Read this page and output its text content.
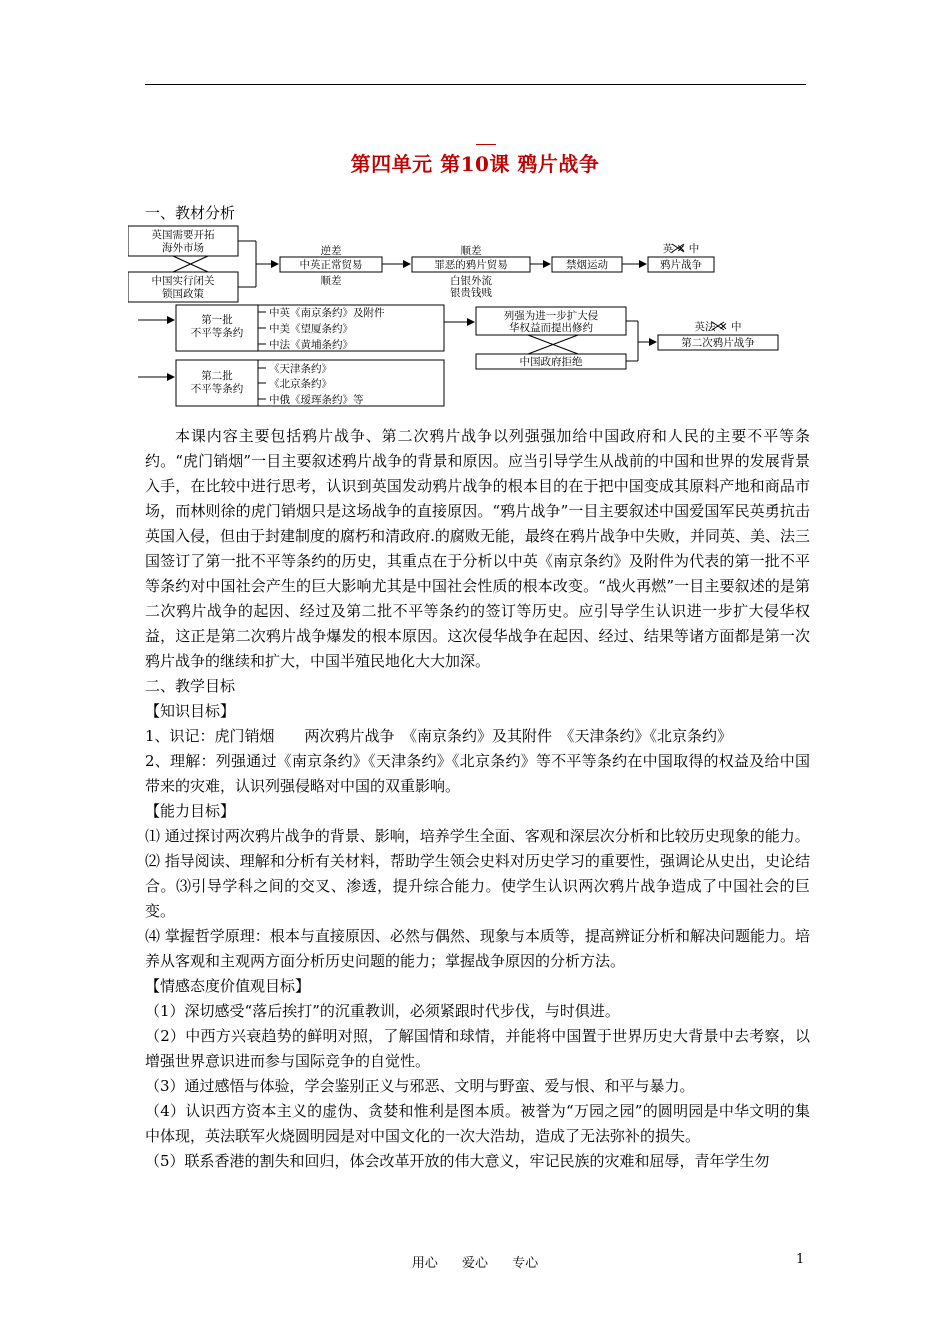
第四单元 第10课 鸦片战争
一、教材分析
英国需要开拓
海外市场
中国实行闭关
锁国政策
逆差
中英正常贸易
顺差
顺差
罪恶的鸦片贸易
白银外流
银贵钱贱
禁烟运动
英 ✕ 中
鸦片战争
第一批
不平等条约
中英《南京条约》及附件
中美《望厦条约》
中法《黄埔条约》
列强为进一步扩大侵
华权益而提出修约
中国政府拒绝
英法 ✕ 中
第二次鸦片战争
第二批
不平等条约
《天津条约》
《北京条约》
中俄《瑷珲条约》等

本课内容主要包括鸦片战争、第二次鸦片战争以列强强加给中国政府和人民的主要不平等条约。“虎门销烟”一目主要叙述鸦片战争的背景和原因。应当引导学生从战前的中国和世界的发展背景入手，在比较中进行思考，认识到英国发动鸦片战争的根本目的在于把中国变成其原料产地和商品市场，而林则徐的虎门销烟只是这场战争的直接原因。“鸦片战争”一目主要叙述中国爱国军民英勇抗击英国入侵，但由于封建制度的腐朽和清政府.的腐败无能，最终在鸦片战争中失败，并同英、美、法三国签订了第一批不平等条约的历史，其重点在于分析以中英《南京条约》及附件为代表的第一批不平等条约对中国社会产生的巨大影响尤其是中国社会性质的根本改变。“战火再燃”一目主要叙述的是第二次鸦片战争的起因、经过及第二批不平等条约的签订等历史。应引导学生认识进一步扩大侵华权益，这正是第二次鸦片战争爆发的根本原因。这次侵华战争在起因、经过、结果等诸方面都是第一次鸦片战争的继续和扩大，中国半殖民地化大大加深。

二、教学目标

【知识目标】

1、识记：虎门销烟　　两次鸦片战争　《南京条约》及其附件　《天津条约》《北京条约》

2、理解：列强通过《南京条约》《天津条约》《北京条约》等不平等条约在中国取得的权益及给中国带来的灾难，认识列强侵略对中国的双重影响。

【能力目标】

⑴ 通过探讨两次鸦片战争的背景、影响，培养学生全面、客观和深层次分析和比较历史现象的能力。

⑵ 指导阅读、理解和分析有关材料，帮助学生领会史料对历史学习的重要性，强调论从史出，史论结合。⑶引导学科之间的交叉、渗透，提升综合能力。使学生认识两次鸦片战争造成了中国社会的巨变。

⑷ 掌握哲学原理：根本与直接原因、必然与偶然、现象与本质等，提高辨证分析和解决问题能力。培养从客观和主观两方面分析历史问题的能力；掌握战争原因的分析方法。

【情感态度价值观目标】

（1）深切感受“落后挨打”的沉重教训，必须紧跟时代步伐，与时俱进。

（2）中西方兴衰趋势的鲜明对照，了解国情和球情，并能将中国置于世界历史大背景中去考察，以增强世界意识进而参与国际竞争的自觉性。

（3）通过感悟与体验，学会鉴别正义与邪恶、文明与野蛮、爱与恨、和平与暴力。

（4）认识西方资本主义的虚伪、贪婪和惟利是图本质。被誉为“万园之园”的圆明园是中华文明的集中体现，英法联军火烧圆明园是对中国文化的一次大浩劫，造成了无法弥补的损失。

（5）联系香港的割失和回归，体会改革开放的伟大意义，牢记民族的灾难和屈辱，青年学生勿

用心 爱心 专心	1
